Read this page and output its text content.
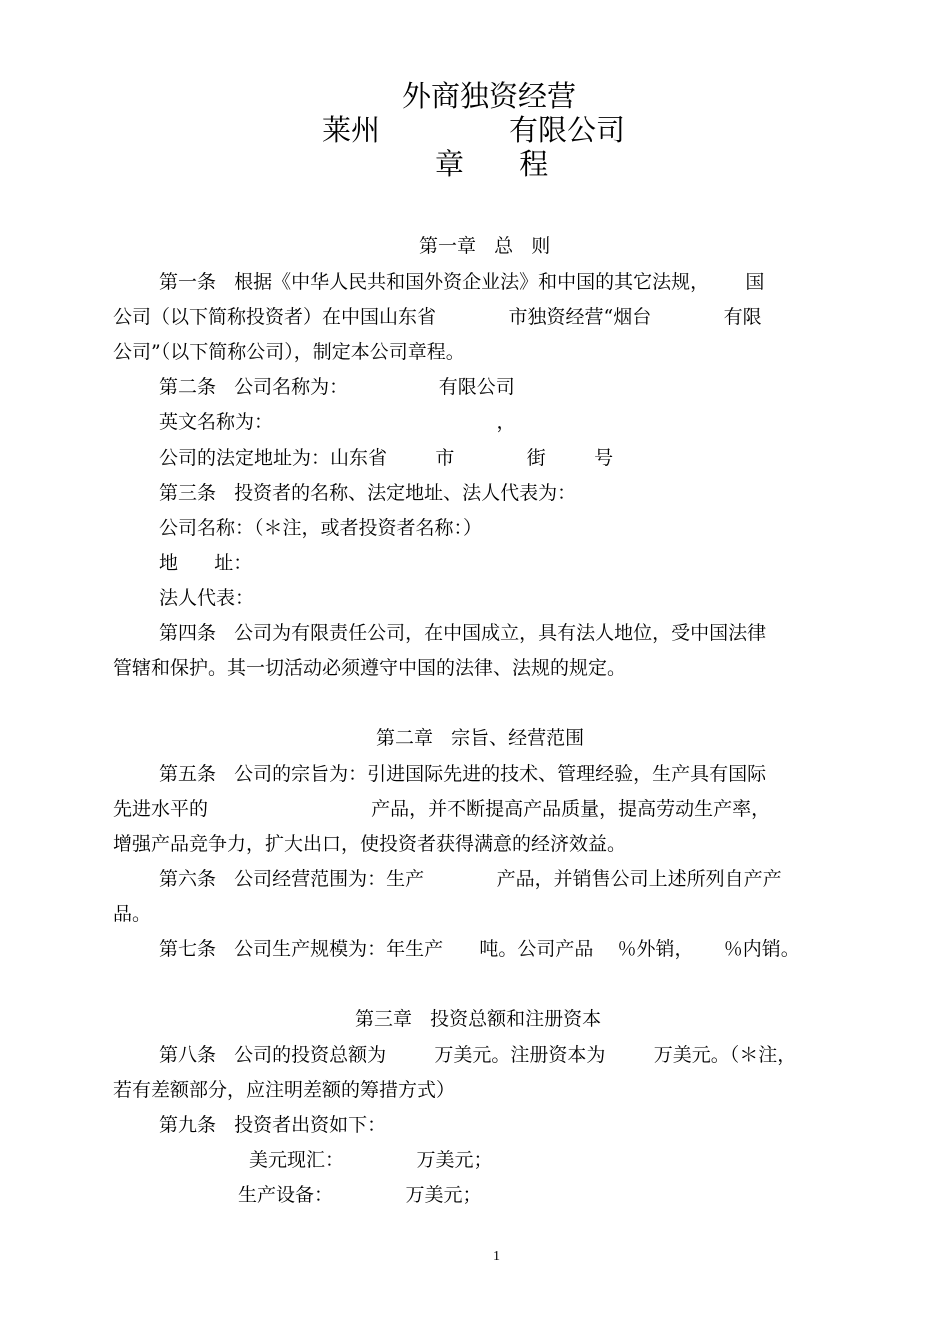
外商独资经营
莱州              有限公司
章      程
第一章   总   则
第一条   根据《中华人民共和国外资企业法》和中国的其它法规，      国
公司（以下简称投资者）在中国山东省            市独资经营“烟台            有限
公司”（以下简称公司），制定本公司章程。
第二条   公司名称为：               有限公司
英文名称为：                                     ，
公司的法定地址为：山东省        市            街        号
第三条   投资者的名称、法定地址、法人代表为：
公司名称：（＊注，或者投资者名称：）
地      址：
法人代表：
第四条   公司为有限责任公司，在中国成立，具有法人地位，受中国法律
管辖和保护。其一切活动必须遵守中国的法律、法规的规定。
第二章   宗旨、经营范围
第五条   公司的宗旨为：引进国际先进的技术、管理经验，生产具有国际
先进水平的                           产品，并不断提高产品质量，提高劳动生产率，
增强产品竞争力，扩大出口，使投资者获得满意的经济效益。
第六条   公司经营范围为：生产            产品，并销售公司上述所列自产产
品。
第七条   公司生产规模为：年生产      吨。公司产品    ％外销，     ％内销。
第三章   投资总额和注册资本
第八条   公司的投资总额为        万美元。注册资本为        万美元。（＊注，
若有差额部分，应注明差额的筹措方式）
第九条   投资者出资如下：
美元现汇：            万美元；
生产设备：            万美元；
1
